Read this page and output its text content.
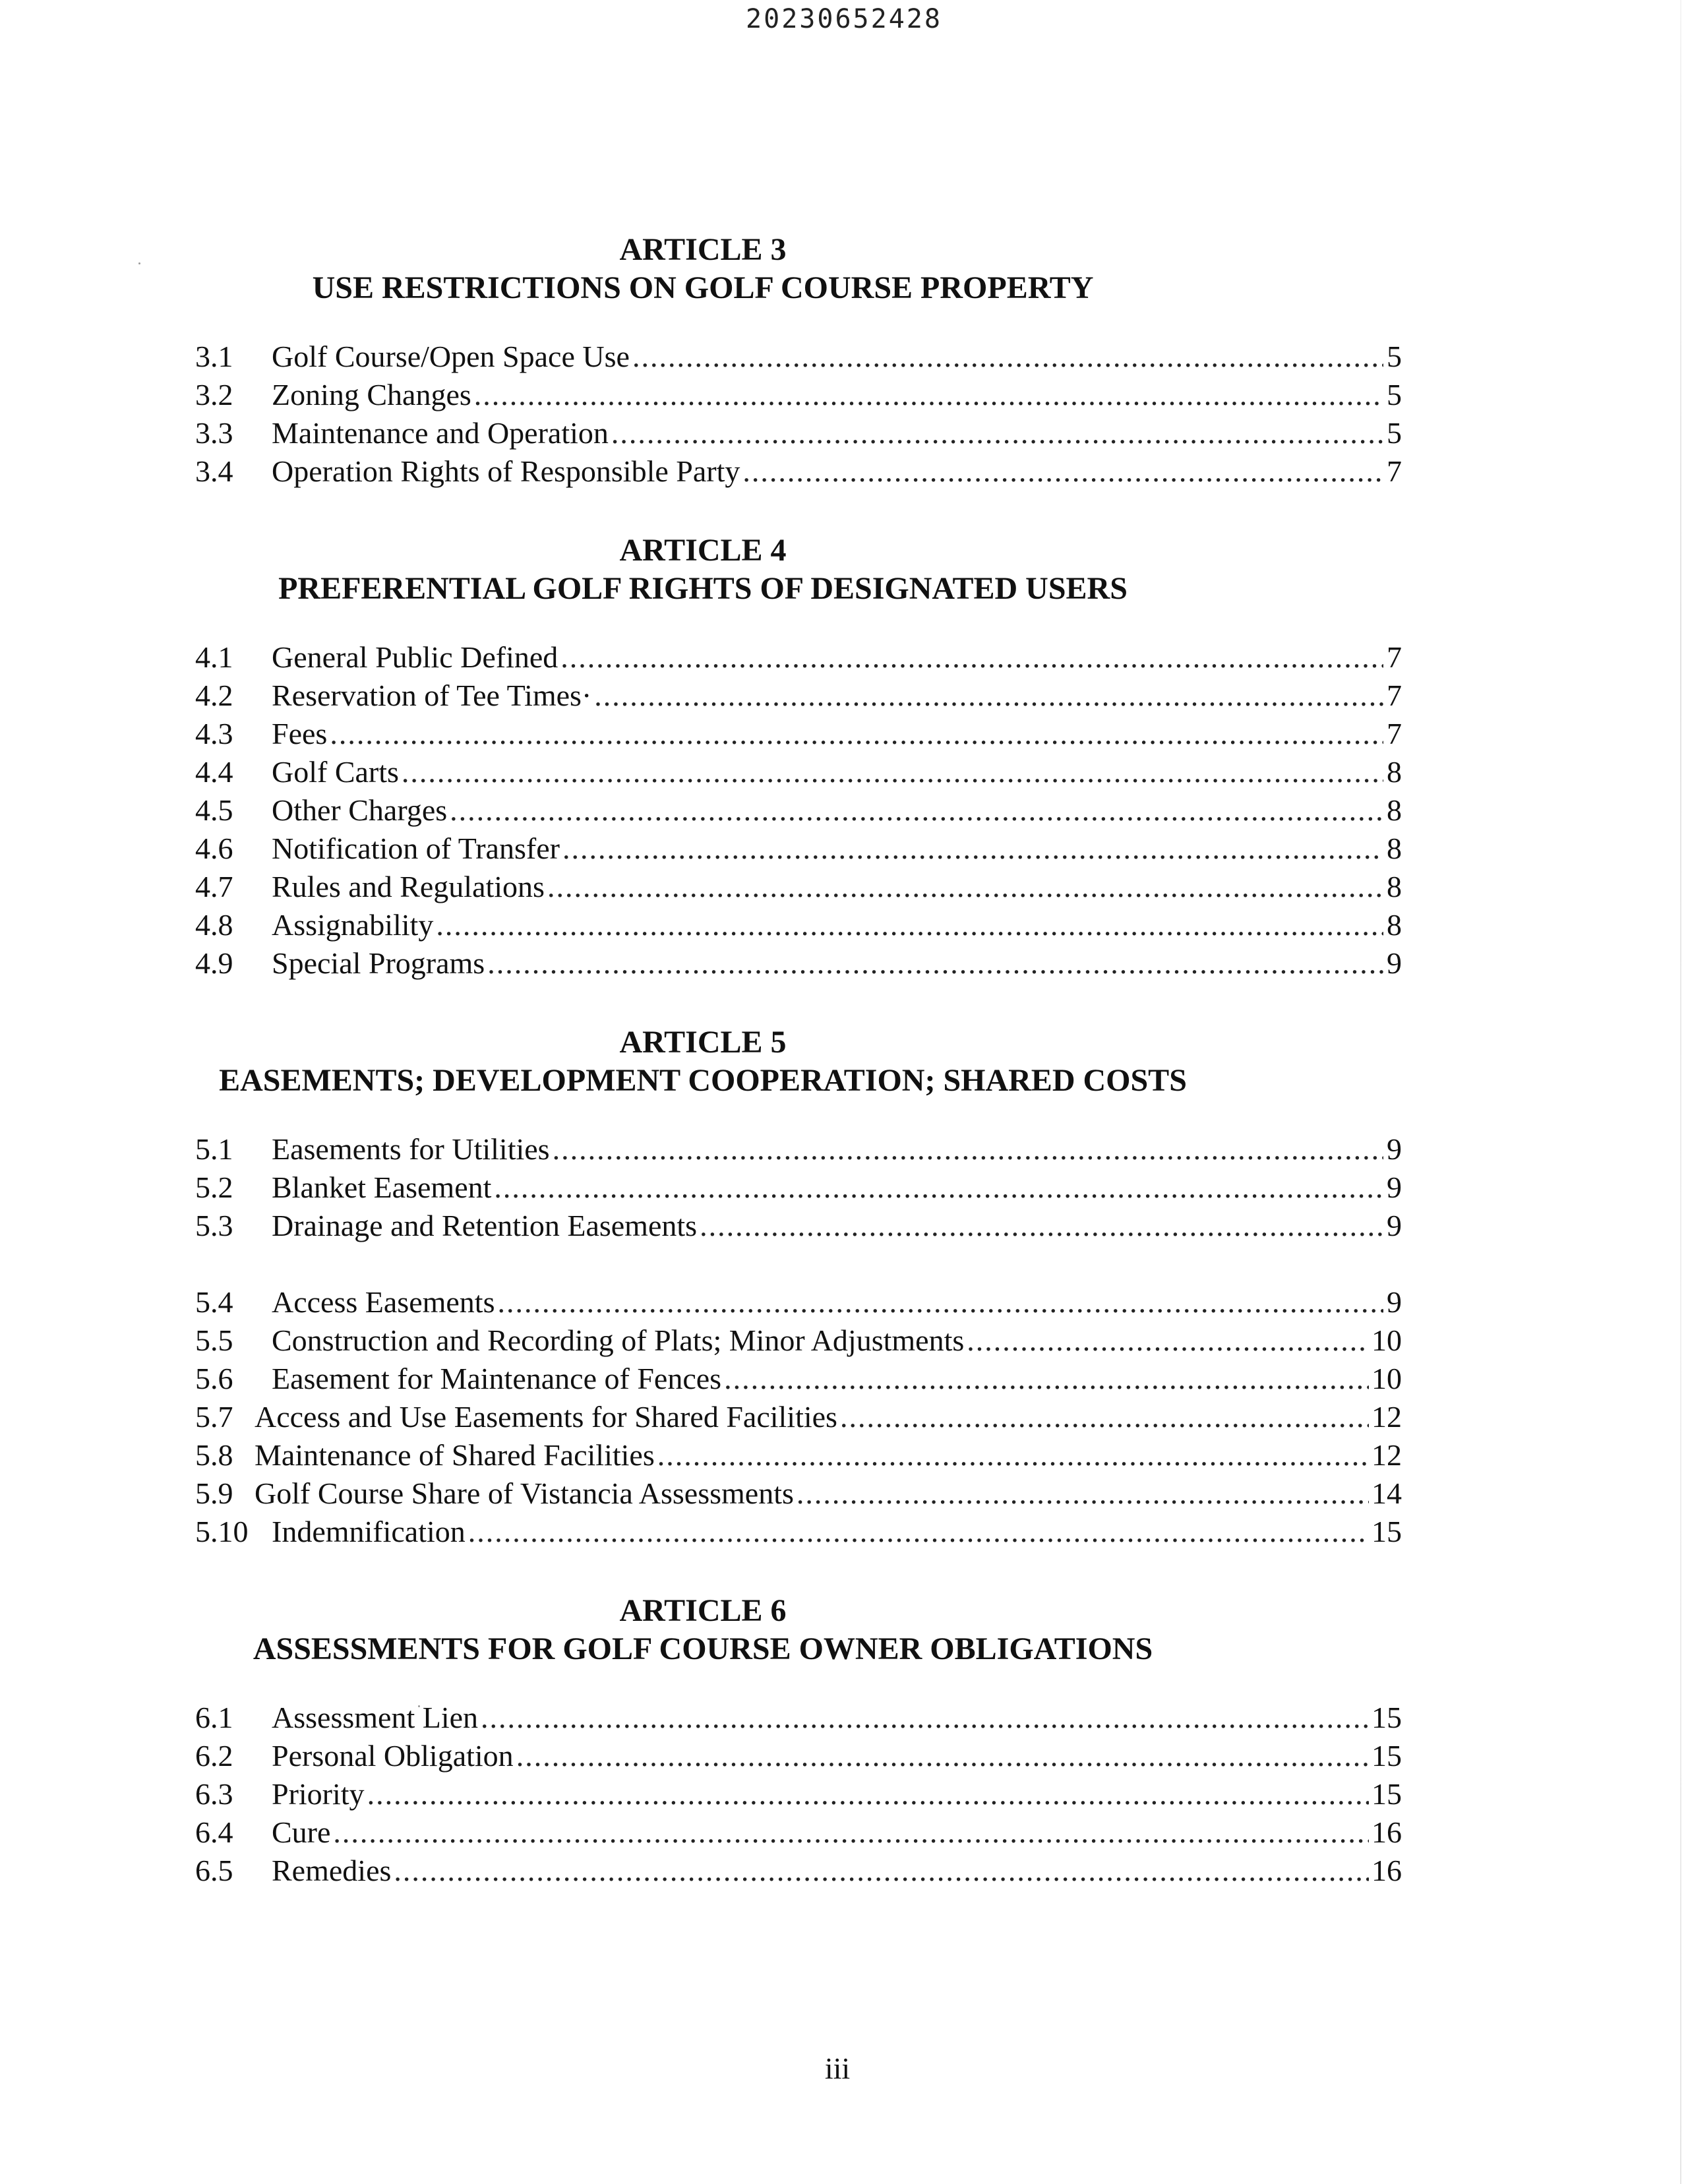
20230652428
ARTICLE 3
USE RESTRICTIONS ON GOLF COURSE PROPERTY
3.1	Golf Course/Open Space Use .....	5
3.2	Zoning Changes .....	5
3.3	Maintenance and Operation .....	5
3.4	Operation Rights of Responsible Party .....	7
ARTICLE 4
PREFERENTIAL GOLF RIGHTS OF DESIGNATED USERS
4.1	General Public Defined .....	7
4.2	Reservation of Tee Times· .....	7
4.3	Fees .....	7
4.4	Golf Carts .....	8
4.5	Other Charges .....	8
4.6	Notification of Transfer .....	8
4.7	Rules and Regulations .....	8
4.8	Assignability .....	8
4.9	Special Programs .....	9
ARTICLE 5
EASEMENTS; DEVELOPMENT COOPERATION; SHARED COSTS
5.1	Easements for Utilities .....	9
5.2	Blanket Easement .....	9
5.3	Drainage and Retention Easements .....	9
5.4	Access Easements .....	9
5.5	Construction and Recording of Plats; Minor Adjustments .....	10
5.6	Easement for Maintenance of Fences .....	10
5.7 Access and Use Easements for Shared Facilities .....	12
5.8 Maintenance of Shared Facilities .....	12
5.9 Golf Course Share of Vistancia Assessments .....	14
5.10 Indemnification .....	15
ARTICLE 6
ASSESSMENTS FOR GOLF COURSE OWNER OBLIGATIONS
6.1	Assessment Lien .....	15
6.2	Personal Obligation .....	15
6.3	Priority .....	15
6.4	Cure .....	16
6.5	Remedies .....	16
iii
